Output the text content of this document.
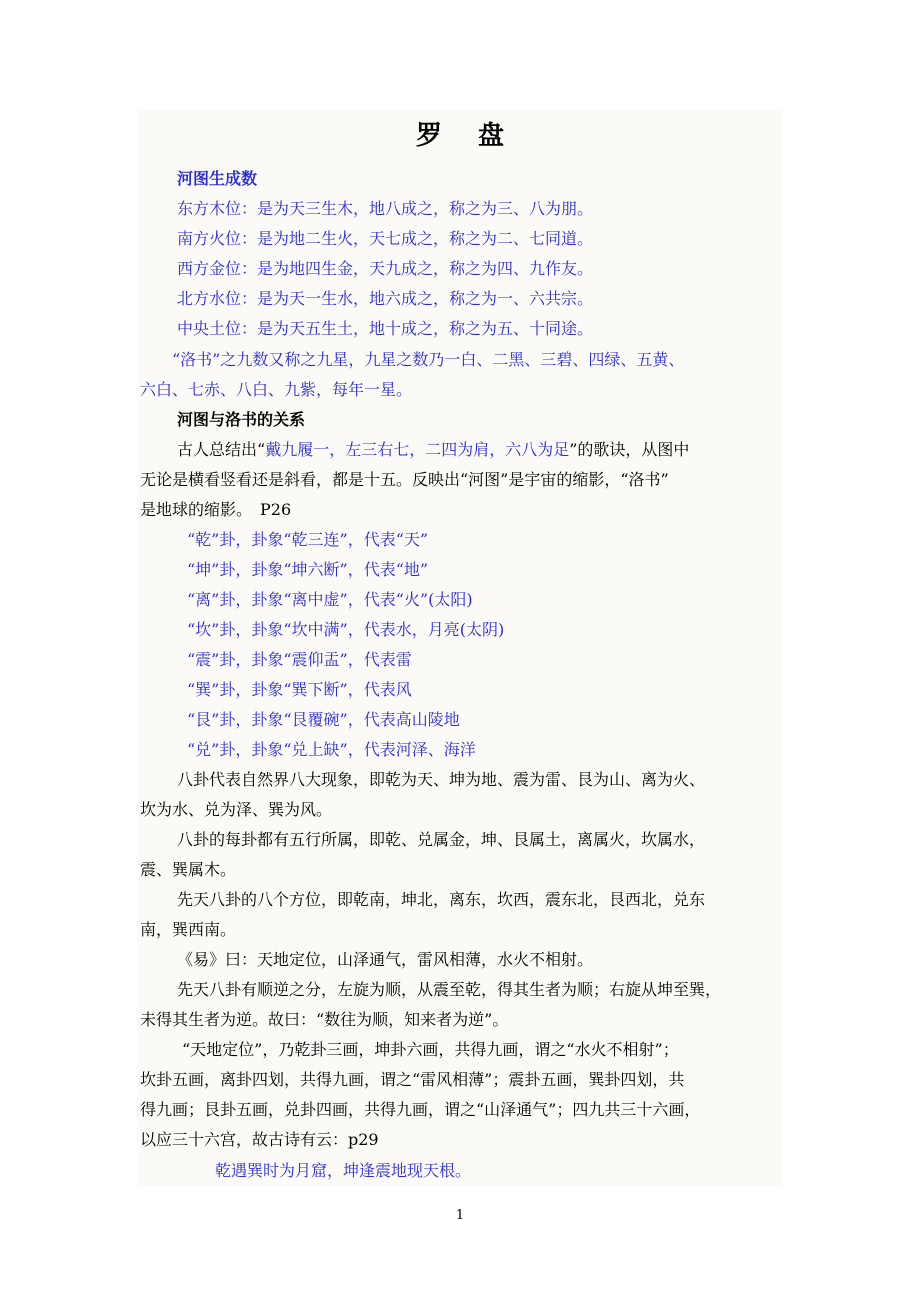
罗盘
河图生成数
东方木位：是为天三生木，地八成之，称之为三、八为朋。
南方火位：是为地二生火，天七成之，称之为二、七同道。
西方金位：是为地四生金，天九成之，称之为四、九作友。
北方水位：是为天一生水，地六成之，称之为一、六共宗。
中央土位：是为天五生土，地十成之，称之为五、十同途。
“洛书”之九数又称之九星，九星之数乃一白、二黑、三碧、四绿、五黄、
六白、七赤、八白、九紫，每年一星。
河图与洛书的关系
古人总结出“戴九履一，左三右七，二四为肩，六八为足”的歌诀，从图中
无论是横看竖看还是斜看，都是十五。反映出“河图”是宇宙的缩影，“洛书”
是地球的缩影。　P26
“乾”卦，卦象“乾三连”，代表“天”
“坤”卦，卦象“坤六断”，代表“地”
“离”卦，卦象“离中虚”，代表“火”(太阳)
“坎”卦，卦象“坎中满”，代表水，月亮(太阴)
“震”卦，卦象“震仰盂”，代表雷
“巽”卦，卦象“巽下断”，代表风
“艮”卦，卦象“艮覆碗”，代表高山陵地
“兑”卦，卦象“兑上缺”，代表河泽、海洋
八卦代表自然界八大现象，即乾为天、坤为地、震为雷、艮为山、离为火、
坎为水、兑为泽、巽为风。
八卦的每卦都有五行所属，即乾、兑属金，坤、艮属土，离属火，坎属水，
震、巽属木。
先天八卦的八个方位，即乾南，坤北，离东，坎西，震东北，艮西北，兑东
南，巽西南。
《易》曰：天地定位，山泽通气，雷风相薄，水火不相射。
先天八卦有顺逆之分，左旋为顺，从震至乾，得其生者为顺；右旋从坤至巽，
未得其生者为逆。故曰：“数往为顺，知来者为逆”。
“天地定位”，乃乾卦三画，坤卦六画，共得九画，谓之“水火不相射”；
坎卦五画，离卦四划，共得九画，谓之“雷风相薄”；震卦五画，巽卦四划，共
得九画；艮卦五画，兑卦四画，共得九画，谓之“山泽通气”；四九共三十六画，
以应三十六宫，故古诗有云：p29
乾遇巽时为月窟，坤逢震地现天根。
1
